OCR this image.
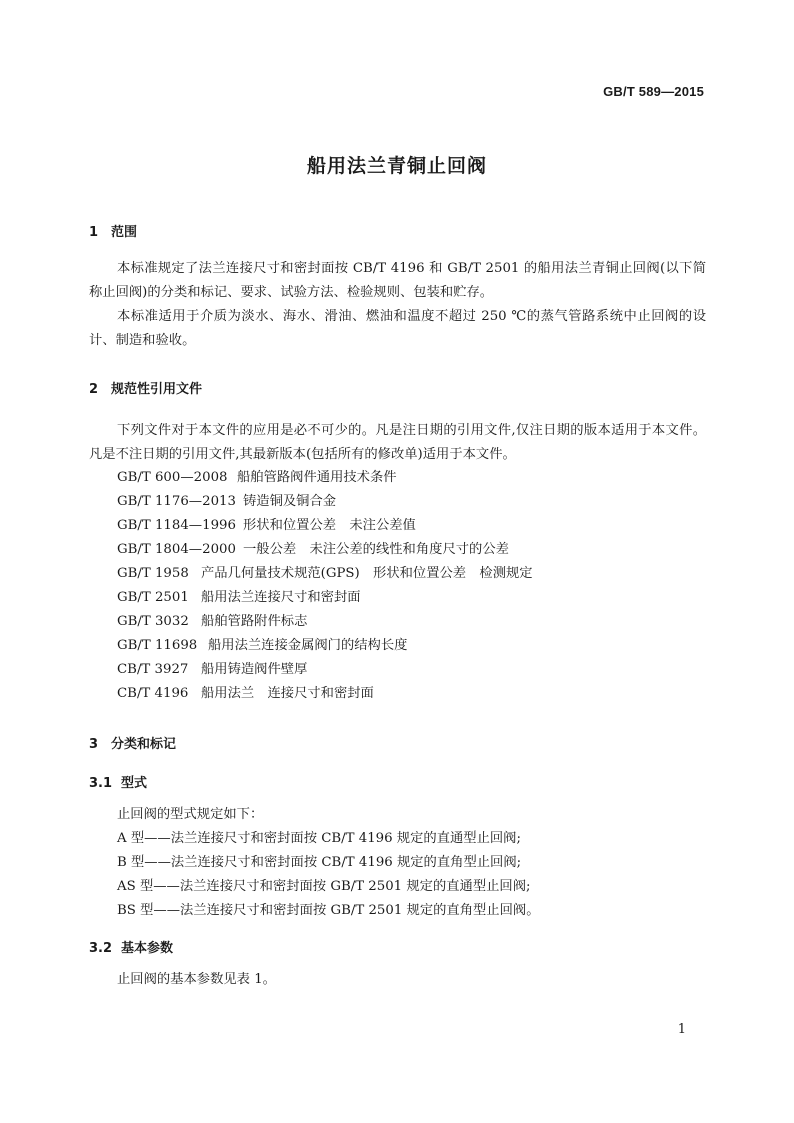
GB/T 589—2015
船用法兰青铜止回阀
1 范围
本标准规定了法兰连接尺寸和密封面按 CB/T 4196 和 GB/T 2501 的船用法兰青铜止回阀(以下简称止回阀)的分类和标记、要求、试验方法、检验规则、包装和贮存。
本标准适用于介质为淡水、海水、滑油、燃油和温度不超过 250 ℃的蒸气管路系统中止回阀的设计、制造和验收。
2 规范性引用文件
下列文件对于本文件的应用是必不可少的。凡是注日期的引用文件,仅注日期的版本适用于本文件。凡是不注日期的引用文件,其最新版本(包括所有的修改单)适用于本文件。
GB/T 600—2008 船舶管路阀件通用技术条件
GB/T 1176—2013 铸造铜及铜合金
GB/T 1184—1996 形状和位置公差　未注公差值
GB/T 1804—2000 一般公差　未注公差的线性和角度尺寸的公差
GB/T 1958 产品几何量技术规范(GPS)　形状和位置公差　检测规定
GB/T 2501 船用法兰连接尺寸和密封面
GB/T 3032 船舶管路附件标志
GB/T 11698 船用法兰连接金属阀门的结构长度
CB/T 3927 船用铸造阀件壁厚
CB/T 4196 船用法兰　连接尺寸和密封面
3 分类和标记
3.1 型式
止回阀的型式规定如下：
A 型——法兰连接尺寸和密封面按 CB/T 4196 规定的直通型止回阀;
B 型——法兰连接尺寸和密封面按 CB/T 4196 规定的直角型止回阀;
AS 型——法兰连接尺寸和密封面按 GB/T 2501 规定的直通型止回阀;
BS 型——法兰连接尺寸和密封面按 GB/T 2501 规定的直角型止回阀。
3.2 基本参数
止回阀的基本参数见表 1。
1
